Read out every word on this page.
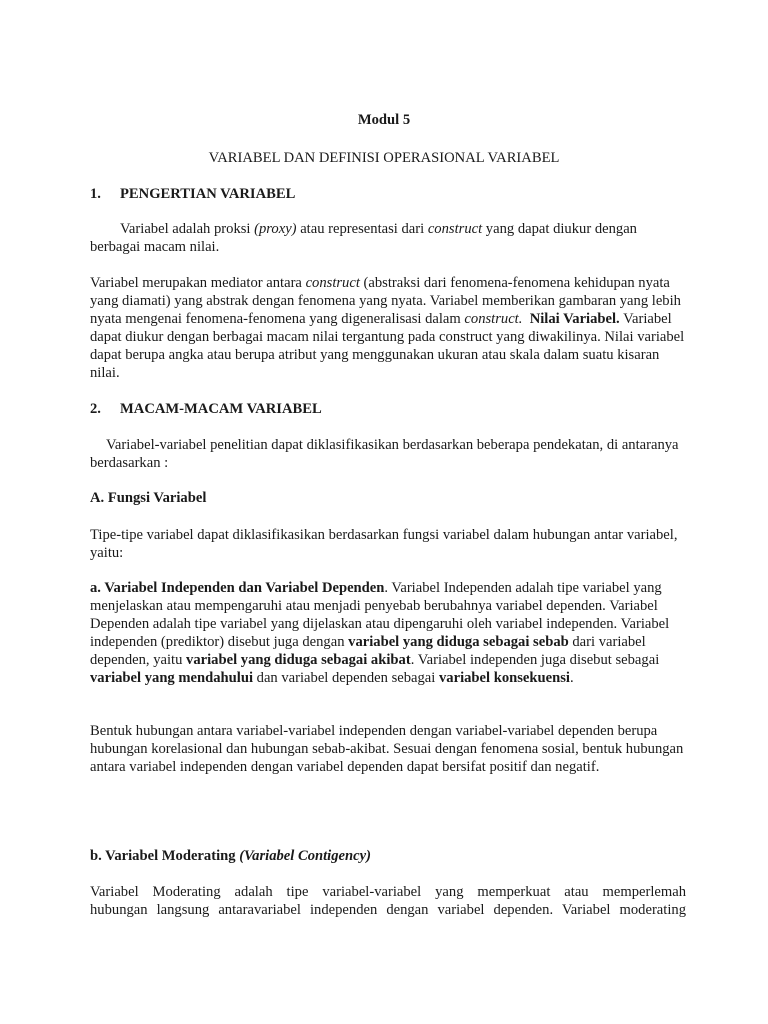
Modul 5
VARIABEL DAN DEFINISI OPERASIONAL VARIABEL
1. PENGERTIAN VARIABEL
Variabel adalah proksi (proxy) atau representasi dari construct yang dapat diukur dengan berbagai macam nilai.
Variabel merupakan mediator antara construct (abstraksi dari fenomena-fenomena kehidupan nyata yang diamati) yang abstrak dengan fenomena yang nyata. Variabel memberikan gambaran yang lebih nyata mengenai fenomena-fenomena yang digeneralisasi dalam construct. Nilai Variabel. Variabel dapat diukur dengan berbagai macam nilai tergantung pada construct yang diwakilinya. Nilai variabel dapat berupa angka atau berupa atribut yang menggunakan ukuran atau skala dalam suatu kisaran nilai.
2. MACAM-MACAM VARIABEL
Variabel-variabel penelitian dapat diklasifikasikan berdasarkan beberapa pendekatan, di antaranya berdasarkan :
A. Fungsi Variabel
Tipe-tipe variabel dapat diklasifikasikan berdasarkan fungsi variabel dalam hubungan antar variabel, yaitu:
a. Variabel Independen dan Variabel Dependen. Variabel Independen adalah tipe variabel yang menjelaskan atau mempengaruhi atau menjadi penyebab berubahnya variabel dependen. Variabel Dependen adalah tipe variabel yang dijelaskan atau dipengaruhi oleh variabel independen. Variabel independen (prediktor) disebut juga dengan variabel yang diduga sebagai sebab dari variabel dependen, yaitu variabel yang diduga sebagai akibat. Variabel independen juga disebut sebagai variabel yang mendahului dan variabel dependen sebagai variabel konsekuensi.
Bentuk hubungan antara variabel-variabel independen dengan variabel-variabel dependen berupa hubungan korelasional dan hubungan sebab-akibat. Sesuai dengan fenomena sosial, bentuk hubungan antara variabel independen dengan variabel dependen dapat bersifat positif dan negatif.
b. Variabel Moderating (Variabel Contigency)
Variabel Moderating adalah tipe variabel-variabel yang memperkuat atau memperlemah
hubungan langsung antaravariabel independen dengan variabel dependen. Variabel moderating
